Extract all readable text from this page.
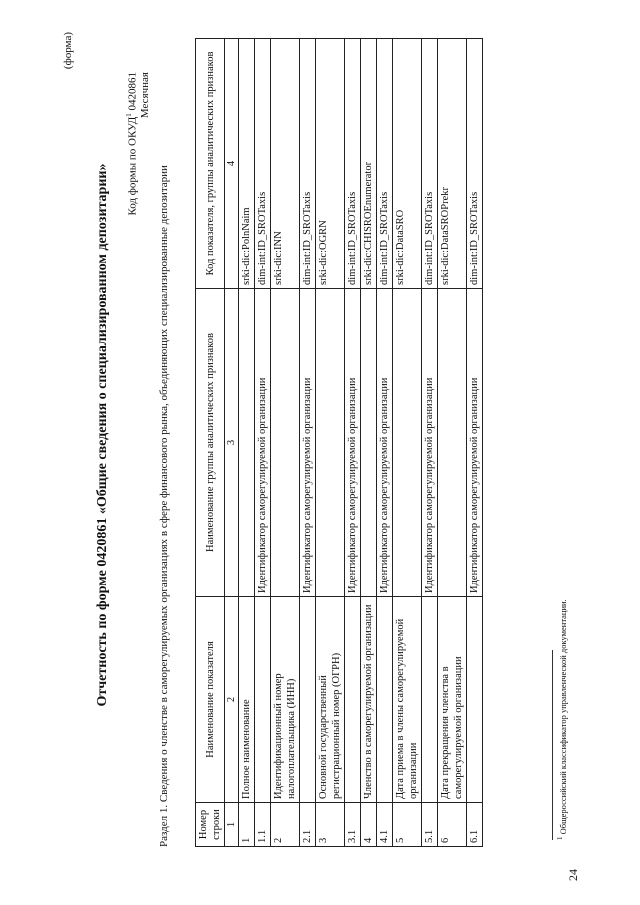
(форма)
24
Отчетность по форме 0420861 «Общие сведения о специализированном депозитарии» Код формы по ОКУД$^1$ 0420861 Месячная
Раздел 1. Сведения о членстве в саморегулируемых организациях в сфере финансового рынка, объединяющих специализированные депозитарии	Номер строки	Наименование показателя	Наименование группы аналитических признаков	Код показателя, группы аналитических признаков
1	2	3	4
1	Полное наименование		srki-dic:PolnNaim
1.1		Идентификатор саморегулируемой организации	dim-int:ID_SROTaxis
2	Идентификационный номер налогоплательщика (ИНН)		srki-dic:INN
2.1		Идентификатор саморегулируемой организации	dim-int:ID_SROTaxis
3	Основной государственный регистрационный номер (ОГРН)		srki-dic:OGRN
3.1		Идентификатор саморегулируемой организации	dim-int:ID_SROTaxis
4	Членство в саморегулируемой организации		srki-dic:CHISROEnumerator
4.1		Идентификатор саморегулируемой организации	dim-int:ID_SROTaxis
5	Дата приема в члены саморегулируемой организации		srki-dic:DataSRO
5.1		Идентификатор саморегулируемой организации	dim-int:ID_SROTaxis
6	Дата прекращения членства в саморегулируемой организации		srki-dic:DataSROPrekr
6.1		Идентификатор саморегулируемой организации	dim-int:ID_SROTaxis
$^1$ Общероссийский классификатор управленческой документации.
